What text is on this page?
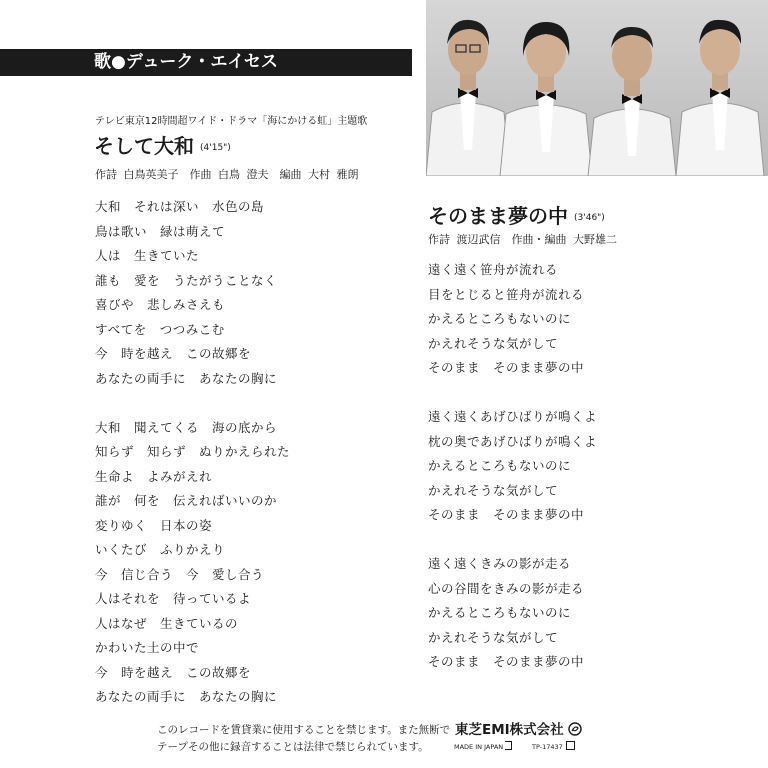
歌●デューク・エイセス
テレビ東京12時間超ワイド・ドラマ「海にかける虹」主題歌
そして大和 (4'15")
作詩 白鳥英美子　作曲 白鳥 澄夫　編曲 大村 雅朗
大和　それは深い　水色の島
鳥は歌い　緑は萌えて
人は　生きていた
誰も　愛を　うたがうことなく
喜びや　悲しみさえも
すべてを　つつみこむ
今　時を越え　この故郷を
あなたの両手に　あなたの胸に
大和　聞えてくる　海の底から
知らず　知らず　ぬりかえられた
生命よ　よみがえれ
誰が　何を　伝えればいいのか
変りゆく　日本の姿
いくたび　ふりかえり
今　信じ合う　今　愛し合う
人はそれを　待っているよ
人はなぜ　生きているの
かわいた土の中で
今　時を越え　この故郷を
あなたの両手に　あなたの胸に
そのまま夢の中 (3'46")
作詩 渡辺武信　作曲・編曲 大野雄二
遠く遠く笹舟が流れる
目をとじると笹舟が流れる
かえるところもないのに
かえれそうな気がして
そのまま　そのまま夢の中
遠く遠くあげひばりが鳴くよ
枕の奥であげひばりが鳴くよ
かえるところもないのに
かえれそうな気がして
そのまま　そのまま夢の中
遠く遠くきみの影が走る
心の谷間をきみの影が走る
かえるところもないのに
かえれそうな気がして
そのまま　そのまま夢の中
このレコードを賃貸業に使用することを禁じます。また無断で
テープその他に録音することは法律で禁じられています。
東芝EMI株式会社
MADE IN JAPAN	TP-17437
